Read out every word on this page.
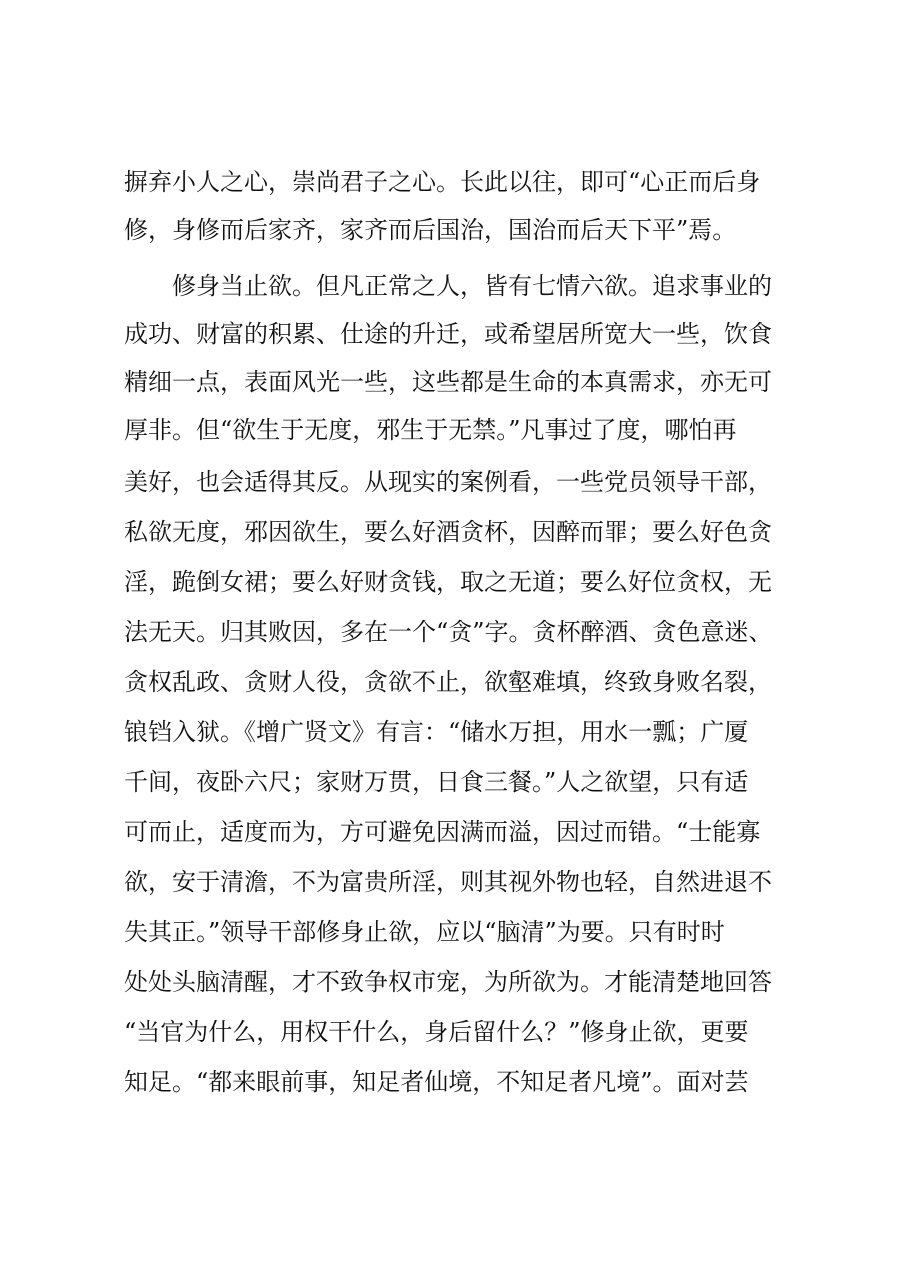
摒弃小人之心，崇尚君子之心。长此以往，即可“心正而后身
修，身修而后家齐，家齐而后国治，国治而后天下平”焉。
修身当止欲。但凡正常之人，皆有七情六欲。追求事业的
成功、财富的积累、仕途的升迁，或希望居所宽大一些，饮食
精细一点，表面风光一些，这些都是生命的本真需求，亦无可
厚非。但“欲生于无度，邪生于无禁。”凡事过了度，哪怕再
美好，也会适得其反。从现实的案例看，一些党员领导干部，
私欲无度，邪因欲生，要么好酒贪杯，因醉而罪；要么好色贪
淫，跪倒女裙；要么好财贪钱，取之无道；要么好位贪权，无
法无天。归其败因，多在一个“贪”字。贪杯醉酒、贪色意迷、
贪权乱政、贪财人役，贪欲不止，欲壑难填，终致身败名裂，
锒铛入狱。《增广贤文》有言：“储水万担，用水一瓢；广厦
千间，夜卧六尺；家财万贯，日食三餐。”人之欲望，只有适
可而止，适度而为，方可避免因满而溢，因过而错。“士能寡
欲，安于清澹，不为富贵所淫，则其视外物也轻，自然进退不
失其正。”领导干部修身止欲，应以“脑清”为要。只有时时
处处头脑清醒，才不致争权市宠，为所欲为。才能清楚地回答
“当官为什么，用权干什么，身后留什么？”修身止欲，更要
知足。“都来眼前事，知足者仙境，不知足者凡境”。面对芸
